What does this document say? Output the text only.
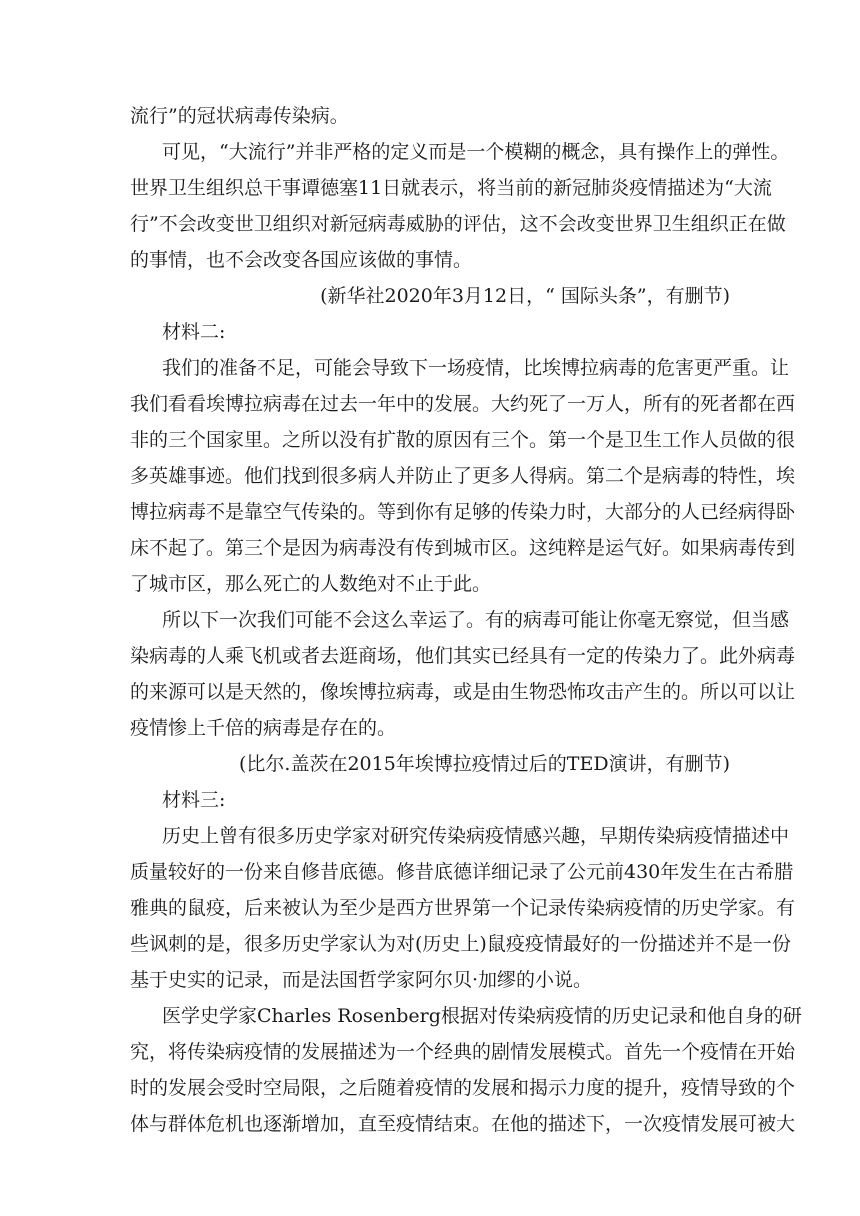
流行”的冠状病毒传染病。
可见，“大流行”并非严格的定义而是一个模糊的概念，具有操作上的弹性。
世界卫生组织总干事谭德塞11日就表示，将当前的新冠肺炎疫情描述为“大流
行”不会改变世卫组织对新冠病毒威胁的评估，这不会改变世界卫生组织正在做
的事情，也不会改变各国应该做的事情。
(新华社2020年3月12日，“ 国际头条”，有删节)
材料二:
我们的准备不足，可能会导致下一场疫情，比埃博拉病毒的危害更严重。让
我们看看埃博拉病毒在过去一年中的发展。大约死了一万人，所有的死者都在西
非的三个国家里。之所以没有扩散的原因有三个。第一个是卫生工作人员做的很
多英雄事迹。他们找到很多病人并防止了更多人得病。第二个是病毒的特性，埃
博拉病毒不是靠空气传染的。等到你有足够的传染力时，大部分的人已经病得卧
床不起了。第三个是因为病毒没有传到城市区。这纯粹是运气好。如果病毒传到
了城市区，那么死亡的人数绝对不止于此。
所以下一次我们可能不会这么幸运了。有的病毒可能让你毫无察觉，但当感
染病毒的人乘飞机或者去逛商场，他们其实已经具有一定的传染力了。此外病毒
的来源可以是天然的，像埃博拉病毒，或是由生物恐怖攻击产生的。所以可以让
疫情惨上千倍的病毒是存在的。
(比尔.盖茨在2015年埃博拉疫情过后的TED演讲，有删节)
材料三:
历史上曾有很多历史学家对研究传染病疫情感兴趣，早期传染病疫情描述中
质量较好的一份来自修昔底德。修昔底德详细记录了公元前430年发生在古希腊
雅典的鼠疫，后来被认为至少是西方世界第一个记录传染病疫情的历史学家。有
些讽刺的是，很多历史学家认为对(历史上)鼠疫疫情最好的一份描述并不是一份
基于史实的记录，而是法国哲学家阿尔贝·加缪的小说。
医学史学家Charles Rosenberg根据对传染病疫情的历史记录和他自身的研
究，将传染病疫情的发展描述为一个经典的剧情发展模式。首先一个疫情在开始
时的发展会受时空局限，之后随着疫情的发展和揭示力度的提升，疫情导致的个
体与群体危机也逐渐增加，直至疫情结束。在他的描述下，一次疫情发展可被大
